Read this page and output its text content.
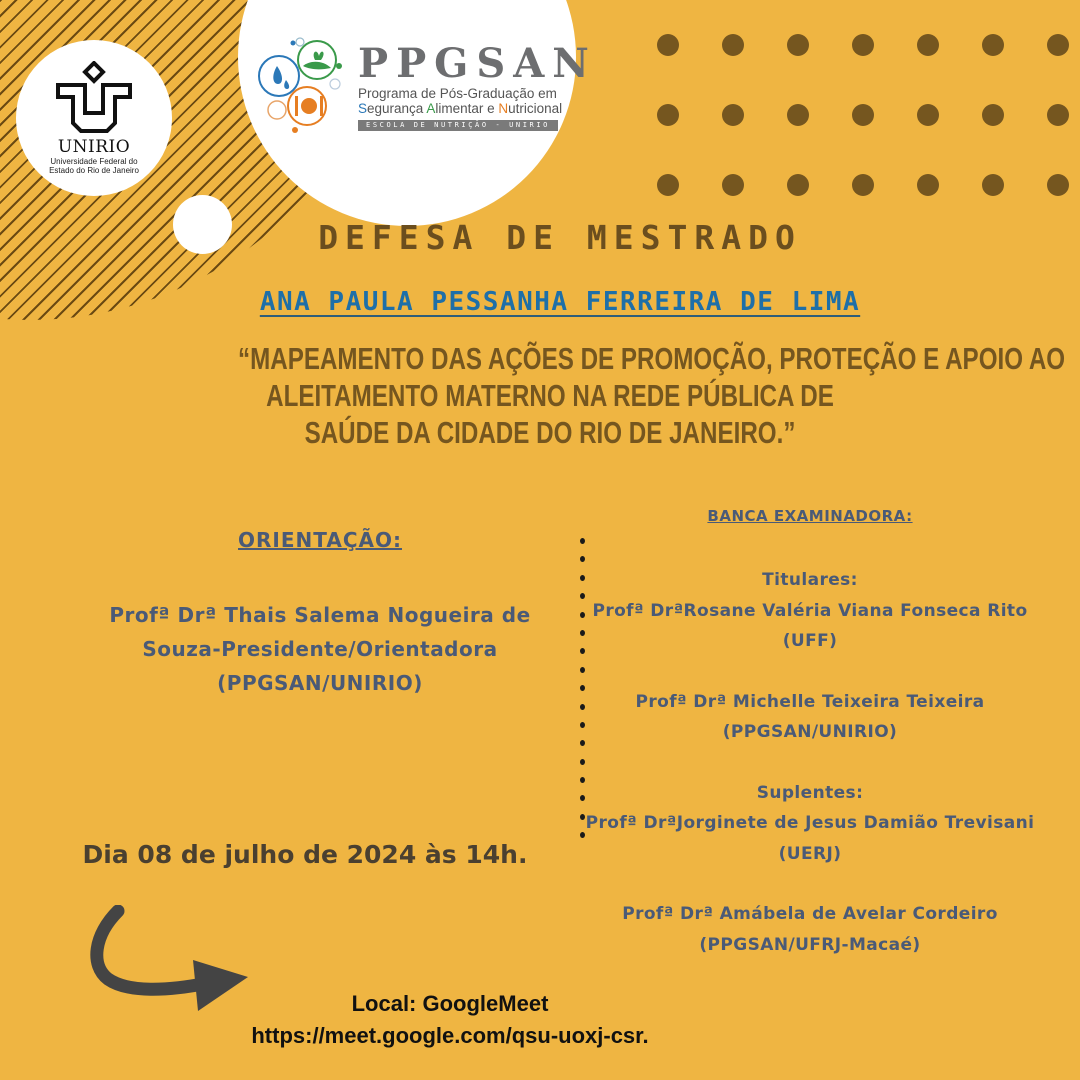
UNIRIO
Universidade Federal do
Estado do Rio de Janeiro
PPGSAN
Programa de Pós-Graduação em
Segurança Alimentar e Nutricional
ESCOLA DE NUTRIÇÃO - UNIRIO
DEFESA DE MESTRADO
ANA PAULA PESSANHA FERREIRA DE LIMA
“MAPEAMENTO DAS AÇÕES DE PROMOÇÃO, PROTEÇÃO E APOIO AO
ALEITAMENTO MATERNO NA REDE PÚBLICA DE
SAÚDE DA CIDADE DO RIO DE JANEIRO.”
ORIENTAÇÃO:
Profª Drª Thais Salema Nogueira de
Souza-Presidente/Orientadora
(PPGSAN/UNIRIO)
BANCA EXAMINADORA:
Titulares:
Profª DrªRosane Valéria Viana Fonseca Rito
(UFF)
Profª Drª Michelle Teixeira Teixeira
(PPGSAN/UNIRIO)
Suplentes:
Profª DrªJorginete de Jesus Damião Trevisani
(UERJ)
Profª Drª Amábela de Avelar Cordeiro
(PPGSAN/UFRJ-Macaé)
Dia 08 de julho de 2024 às 14h.
Local: GoogleMeet
https://meet.google.com/qsu-uoxj-csr.
